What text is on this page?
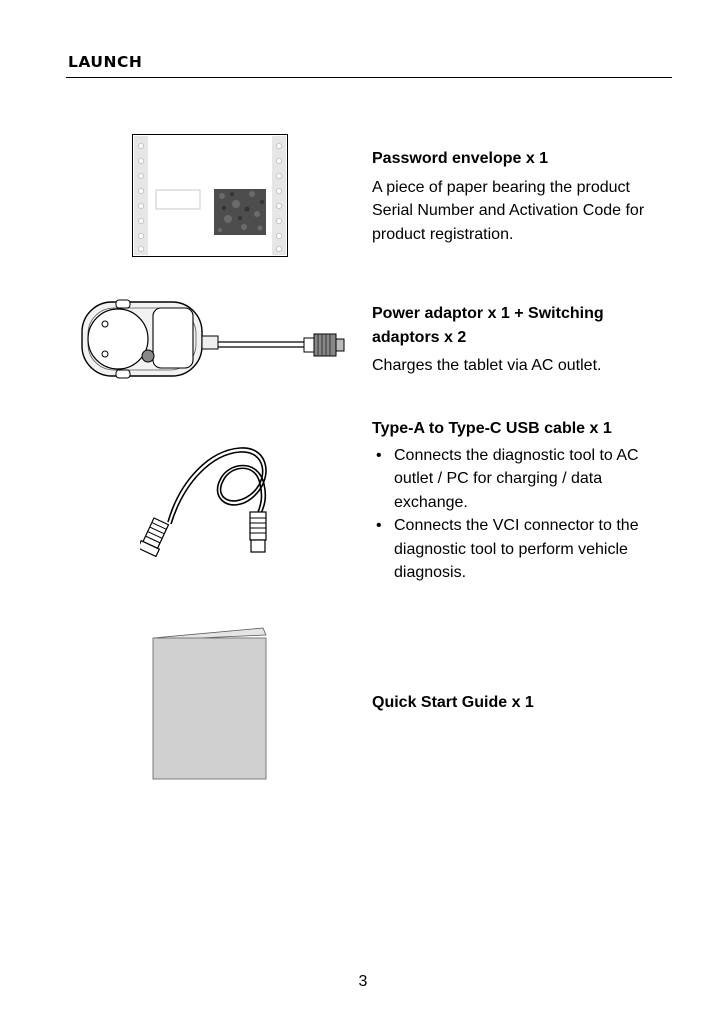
LAUNCH

Password envelope x 1

A piece of paper bearing the product Serial Number and Activation Code for product registration.

Power adaptor x 1 + Switching adaptors x 2

Charges the tablet via AC outlet.

Type-A to Type-C USB cable x 1

• Connects the diagnostic tool to AC outlet / PC for charging / data exchange.
• Connects the VCI connector to the diagnostic tool to perform vehicle diagnosis.

Quick Start Guide x 1

3
